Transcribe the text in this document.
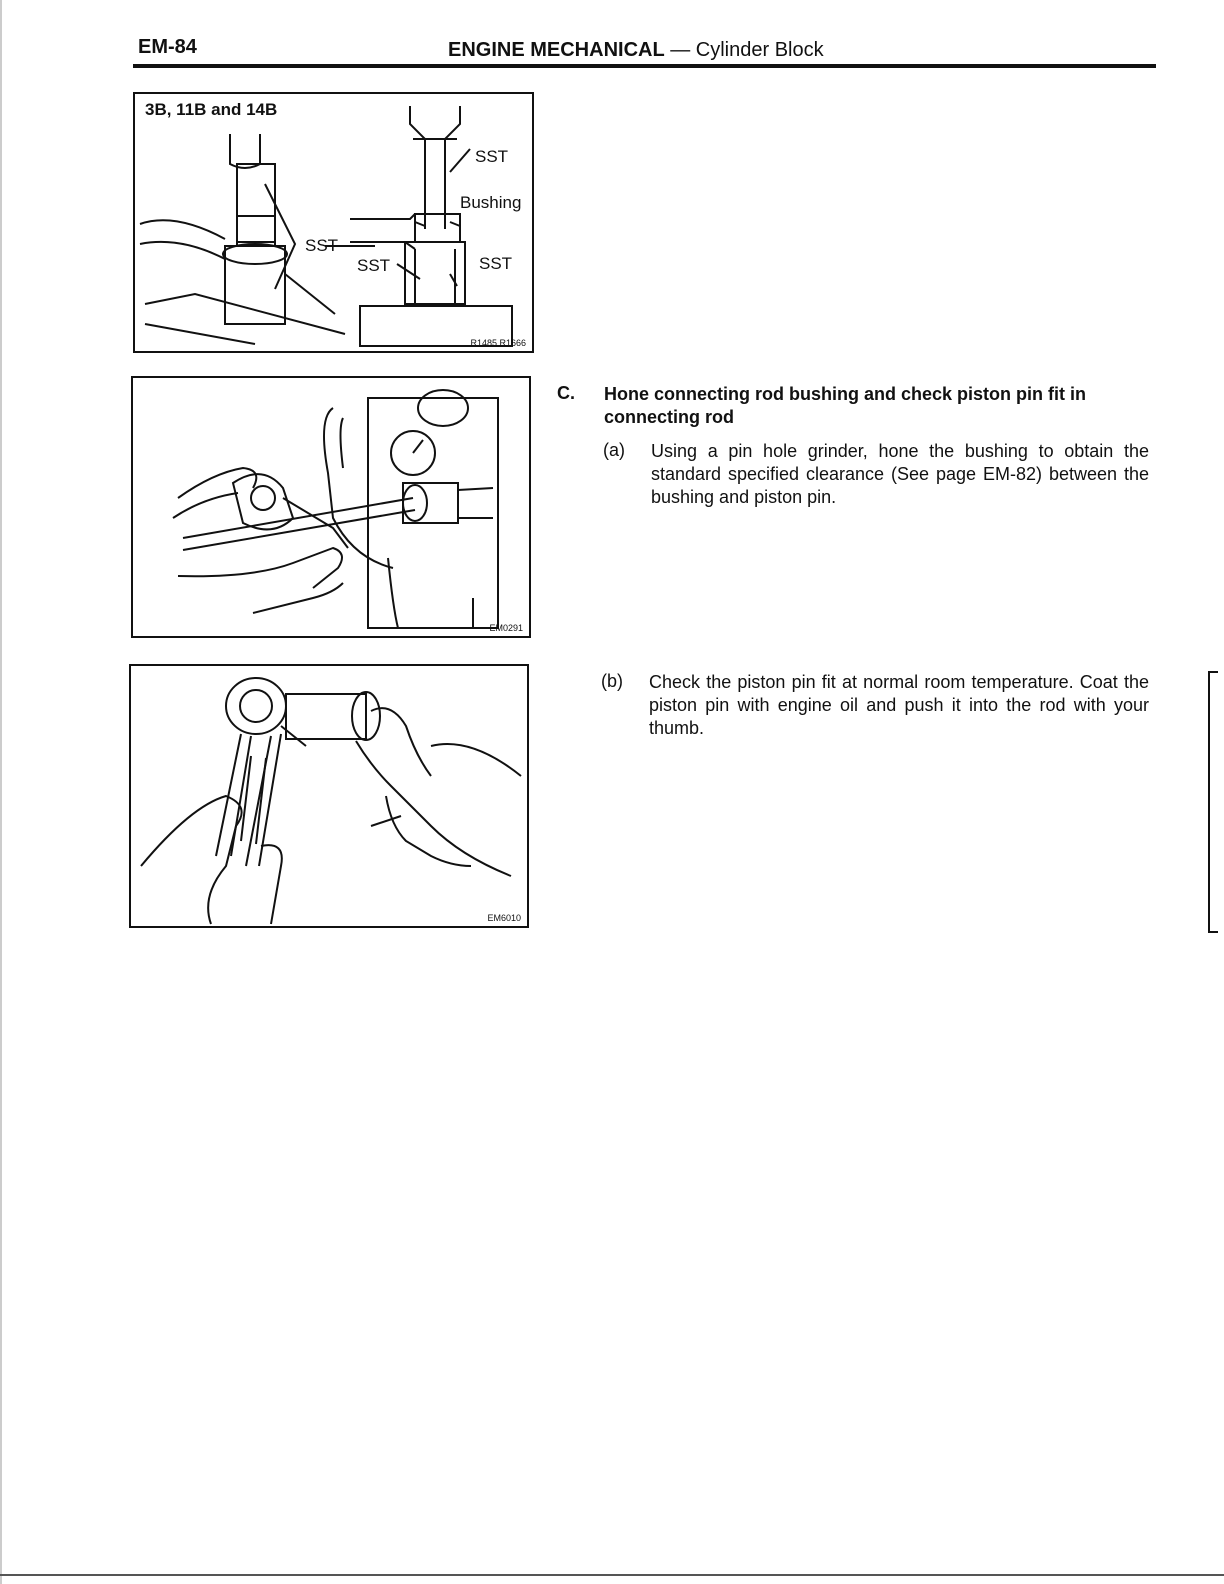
EM-84	ENGINE MECHANICAL — Cylinder Block
3B, 11B and 14B
SST
SST
Bushing
SST	SST
R1485 R1666
EM0291
EM6010
C. Hone connecting rod bushing and check piston pin fit in connecting rod
(a) Using a pin hole grinder, hone the bushing to obtain the standard specified clearance (See page EM-82) between the bushing and piston pin.
(b) Check the piston pin fit at normal room temperature. Coat the piston pin with engine oil and push it into the rod with your thumb.
